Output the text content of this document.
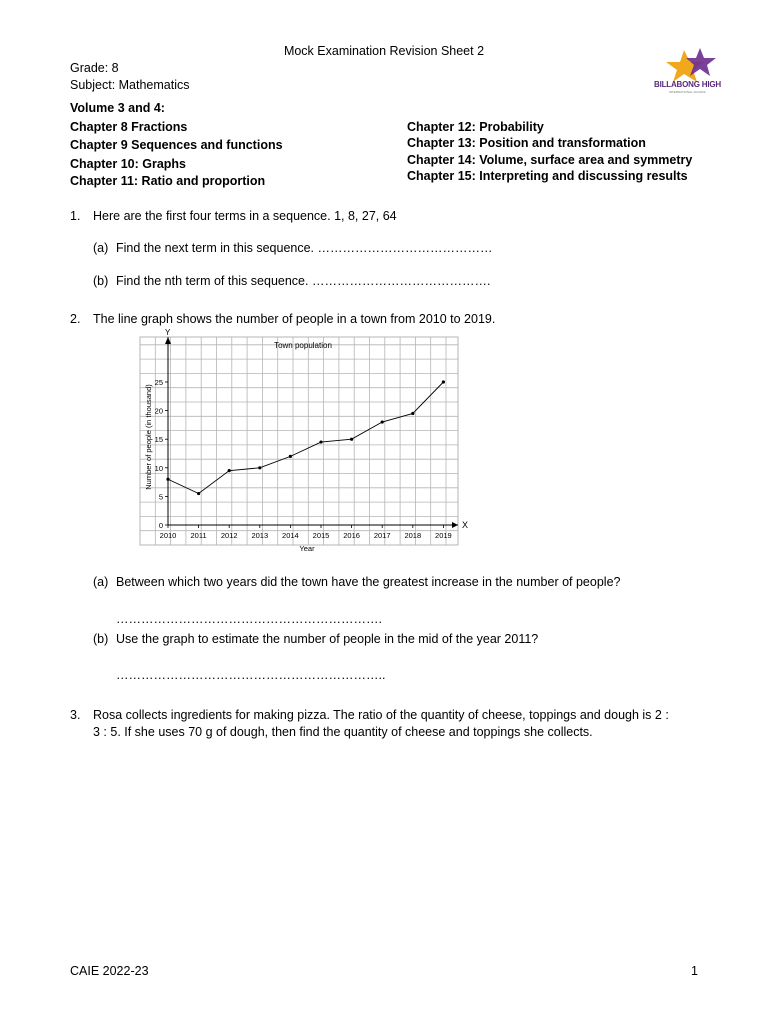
Mock Examination Revision Sheet 2
Grade: 8
Subject: Mathematics	BILLABONG HIGH
INTERNATIONAL SCHOOL
Volume 3 and 4:
Chapter 8 Fractions
Chapter 9 Sequences and functions
Chapter 10: Graphs
Chapter 11: Ratio and proportion
Chapter 12: Probability
Chapter 13: Position and transformation
Chapter 14: Volume, surface area and symmetry
Chapter 15: Interpreting and discussing results
1. Here are the first four terms in a sequence. 1, 8, 27, 64
(a) Find the next term in this sequence. ……………………………………
(b) Find the nth term of this sequence. …………………………………….
2. The line graph shows the number of people in a town from 2010 to 2019.
X
Y
Town population
0
5
10
15
20
25
2010 2011 2012 2013 2014 2015 2016 2017 2018 2019
Year
Number of people (in thousand)
(a) Between which two years did the town have the greatest increase in the number of people?
……………………………………………………….
(b) Use the graph to estimate the number of people in the mid of the year 2011?
………………………………………………………..
3. Rosa collects ingredients for making pizza. The ratio of the quantity of cheese, toppings and dough is 2 :
3 : 5. If she uses 70 g of dough, then find the quantity of cheese and toppings she collects.
CAIE 2022-23	1
